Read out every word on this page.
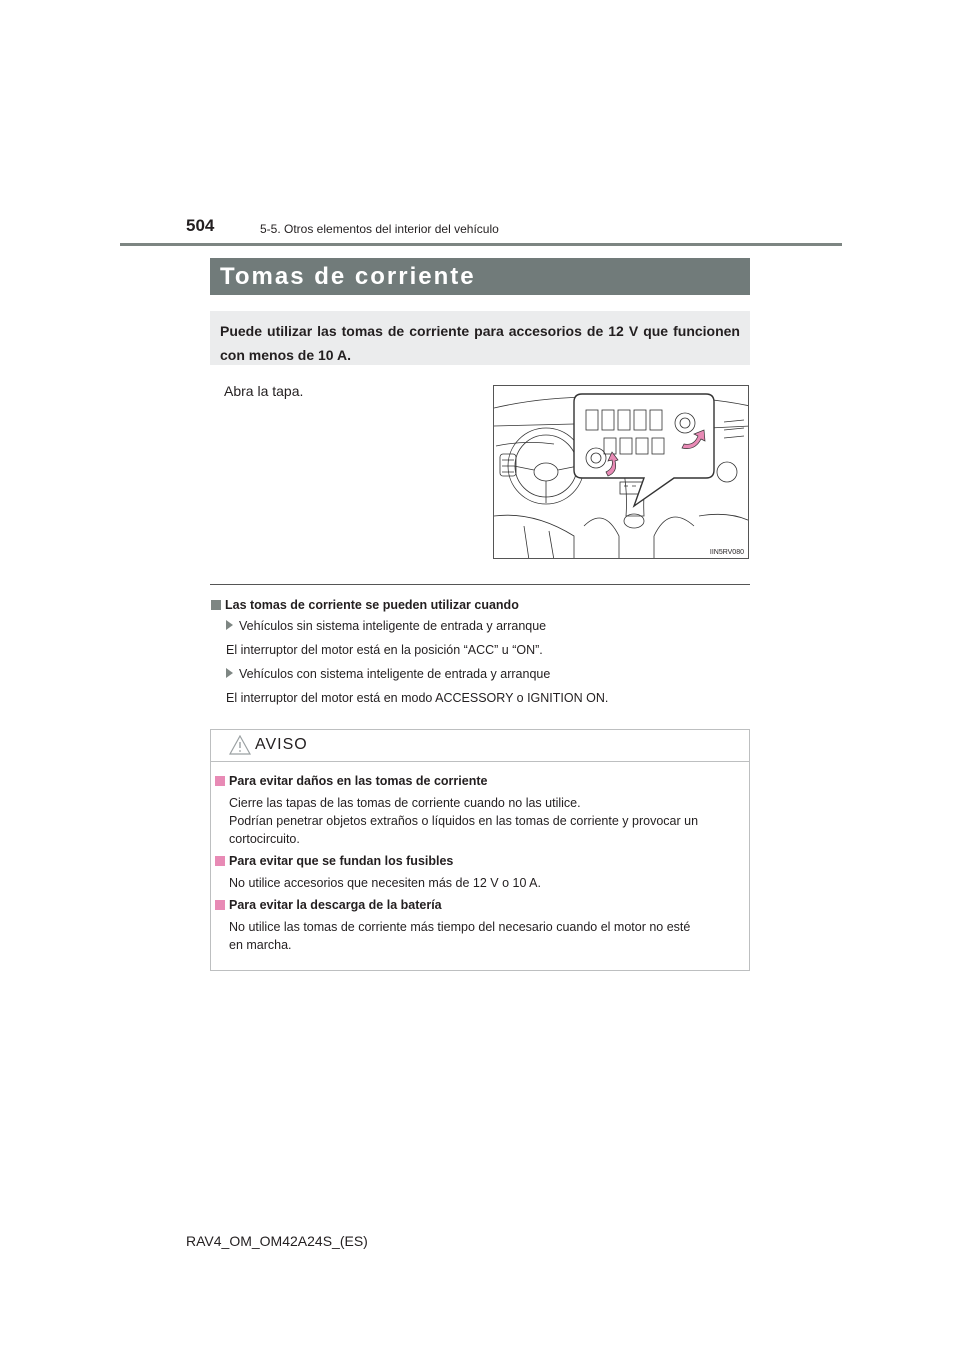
504	5-5. Otros elementos del interior del vehículo
Tomas de corriente
Puede utilizar las tomas de corriente para accesorios de 12 V que funcionen con menos de 10 A.
Abra la tapa.
IIN5RV080
Las tomas de corriente se pueden utilizar cuando
Vehículos sin sistema inteligente de entrada y arranque
El interruptor del motor está en la posición “ACC” u “ON”.
Vehículos con sistema inteligente de entrada y arranque
El interruptor del motor está en modo ACCESSORY o IGNITION ON.
AVISO
Para evitar daños en las tomas de corriente
Cierre las tapas de las tomas de corriente cuando no las utilice.
Podrían penetrar objetos extraños o líquidos en las tomas de corriente y provocar un
cortocircuito.
Para evitar que se fundan los fusibles
No utilice accesorios que necesiten más de 12 V o 10 A.
Para evitar la descarga de la batería
No utilice las tomas de corriente más tiempo del necesario cuando el motor no esté
en marcha.
RAV4_OM_OM42A24S_(ES)
